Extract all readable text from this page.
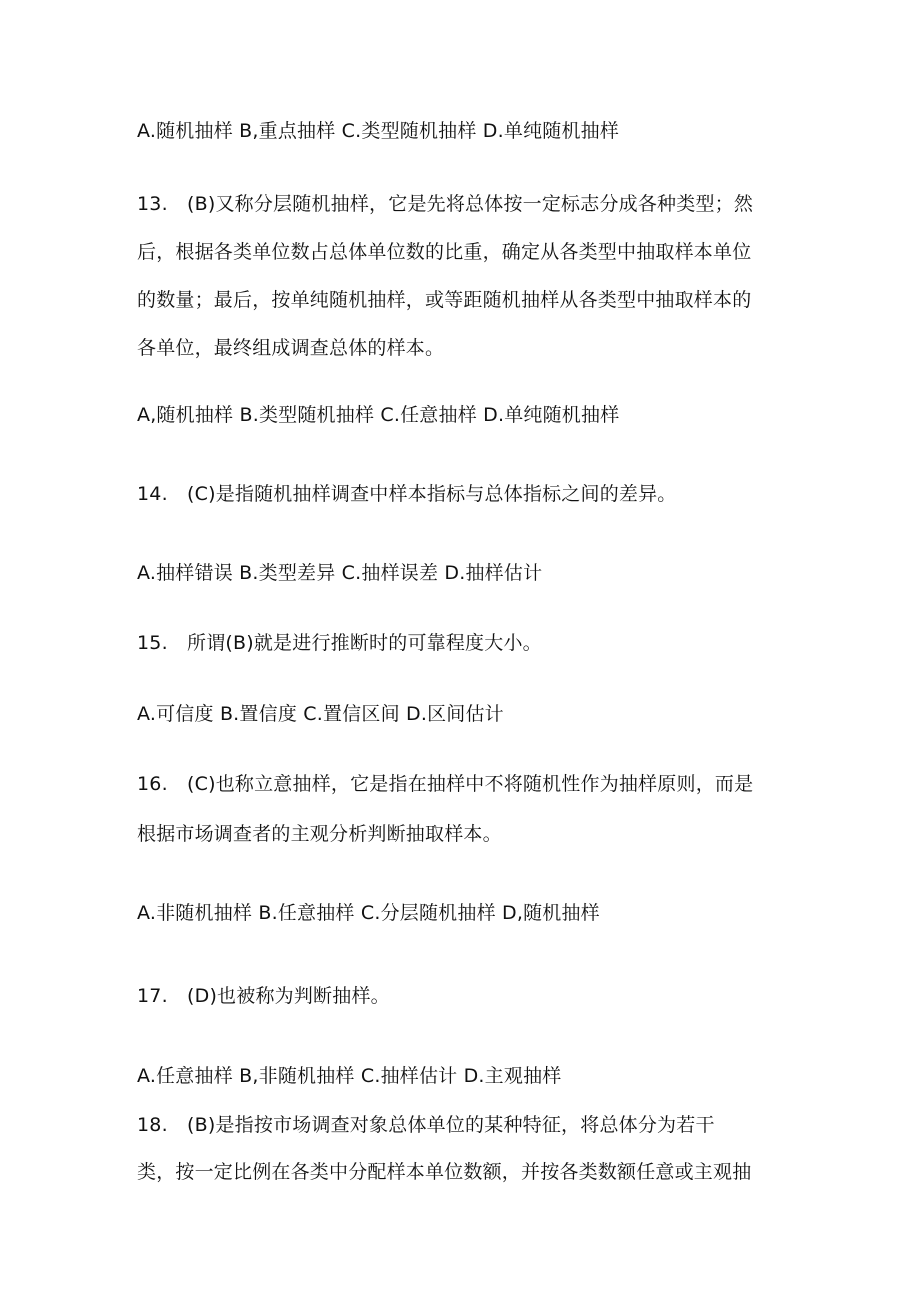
A.随机抽样 B,重点抽样 C.类型随机抽样 D.单纯随机抽样
13. (B)又称分层随机抽样，它是先将总体按一定标志分成各种类型；然
后，根据各类单位数占总体单位数的比重，确定从各类型中抽取样本单位
的数量；最后，按单纯随机抽样，或等距随机抽样从各类型中抽取样本的
各单位，最终组成调查总体的样本。
A,随机抽样 B.类型随机抽样 C.任意抽样 D.单纯随机抽样
14. (C)是指随机抽样调查中样本指标与总体指标之间的差异。
A.抽样错误 B.类型差异 C.抽样误差 D.抽样估计
15. 所谓(B)就是进行推断时的可靠程度大小。
A.可信度 B.置信度 C.置信区间 D.区间估计
16. (C)也称立意抽样，它是指在抽样中不将随机性作为抽样原则，而是
根据市场调查者的主观分析判断抽取样本。
A.非随机抽样 B.任意抽样 C.分层随机抽样 D,随机抽样
17. (D)也被称为判断抽样。
A.任意抽样 B,非随机抽样 C.抽样估计 D.主观抽样
18. (B)是指按市场调查对象总体单位的某种特征，将总体分为若干
类，按一定比例在各类中分配样本单位数额，并按各类数额任意或主观抽
